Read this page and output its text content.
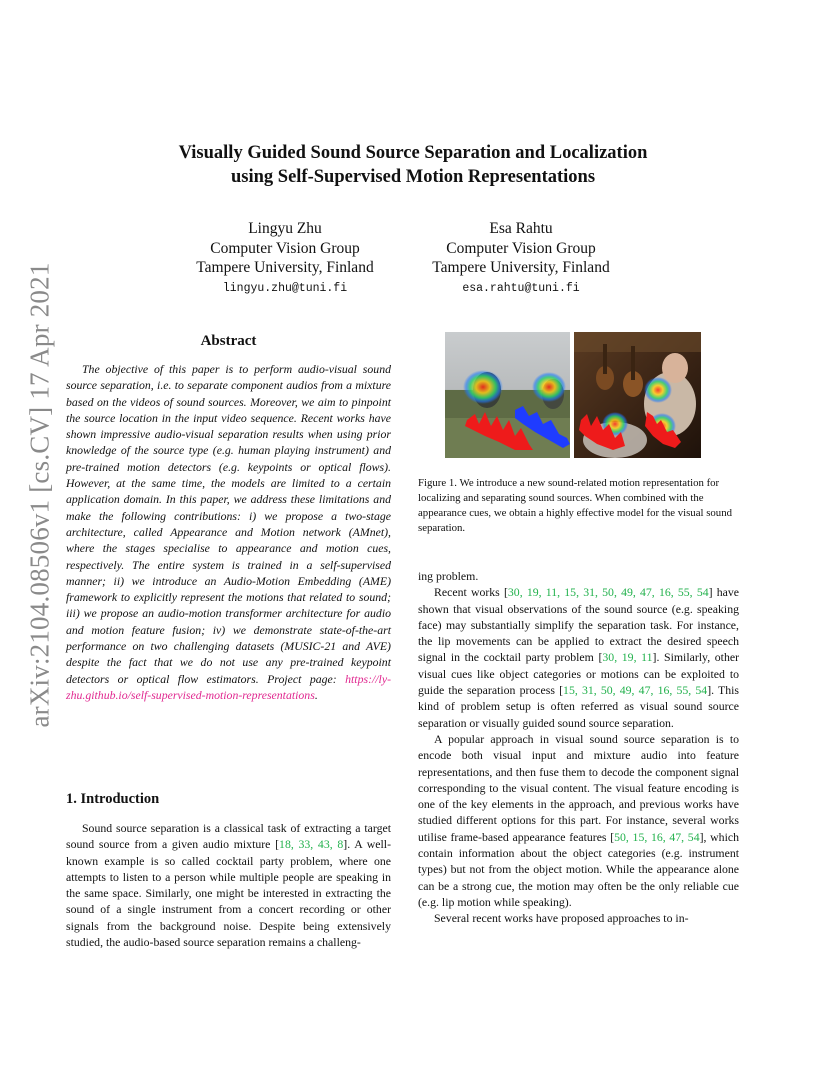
arXiv:2104.08506v1 [cs.CV] 17 Apr 2021
Visually Guided Sound Source Separation and Localization
using Self-Supervised Motion Representations
Lingyu Zhu
Computer Vision Group
Tampere University, Finland
lingyu.zhu@tuni.fi
Esa Rahtu
Computer Vision Group
Tampere University, Finland
esa.rahtu@tuni.fi
Abstract

The objective of this paper is to perform audio-visual sound source separation, i.e. to separate component audios from a mixture based on the videos of sound sources. Moreover, we aim to pinpoint the source location in the input video sequence. Recent works have shown impressive audio-visual separation results when using prior knowledge of the source type (e.g. human playing instrument) and pre-trained motion detectors (e.g. keypoints or optical flows). However, at the same time, the models are limited to a certain application domain. In this paper, we address these limitations and make the following contributions: i) we propose a two-stage architecture, called Appearance and Motion network (AMnet), where the stages specialise to appearance and motion cues, respectively. The entire system is trained in a self-supervised manner; ii) we introduce an Audio-Motion Embedding (AME) framework to explicitly represent the motions that related to sound; iii) we propose an audio-motion transformer architecture for audio and motion feature fusion; iv) we demonstrate state-of-the-art performance on two challenging datasets (MUSIC-21 and AVE) despite the fact that we do not use any pre-trained keypoint detectors or optical flow estimators. Project page: https://ly-zhu.github.io/self-supervised-motion-representations.

1. Introduction

Sound source separation is a classical task of extracting a target sound source from a given audio mixture [18, 33, 43, 8]. A well-known example is so called cocktail party problem, where one attempts to listen to a person while multiple people are speaking in the same space. Similarly, one might be interested in extracting the sound of a single instrument from a concert recording or other signals from the background noise. Despite being extensively studied, the audio-based source separation remains a challeng-

Figure 1. We introduce a new sound-related motion representation for localizing and separating sound sources. When combined with the appearance cues, we obtain a highly effective model for the visual sound separation.

ing problem.

Recent works [30, 19, 11, 15, 31, 50, 49, 47, 16, 55, 54] have shown that visual observations of the sound source (e.g. speaking face) may substantially simplify the separation task. For instance, the lip movements can be applied to extract the desired speech signal in the cocktail party problem [30, 19, 11]. Similarly, other visual cues like object categories or motions can be exploited to guide the separation process [15, 31, 50, 49, 47, 16, 55, 54]. This kind of problem setup is often referred as visual sound source separation or visually guided sound source separation.

A popular approach in visual sound source separation is to encode both visual input and mixture audio into feature representations, and then fuse them to decode the component signal corresponding to the visual content. The visual feature encoding is one of the key elements in the approach, and previous works have studied different options for this part. For instance, several works utilise frame-based appearance features [50, 15, 16, 47, 54], which contain information about the object categories (e.g. instrument types) but not from the object motion. While the appearance alone can be a strong cue, the motion may often be the only reliable cue (e.g. lip motion while speaking).

Several recent works have proposed approaches to in-
